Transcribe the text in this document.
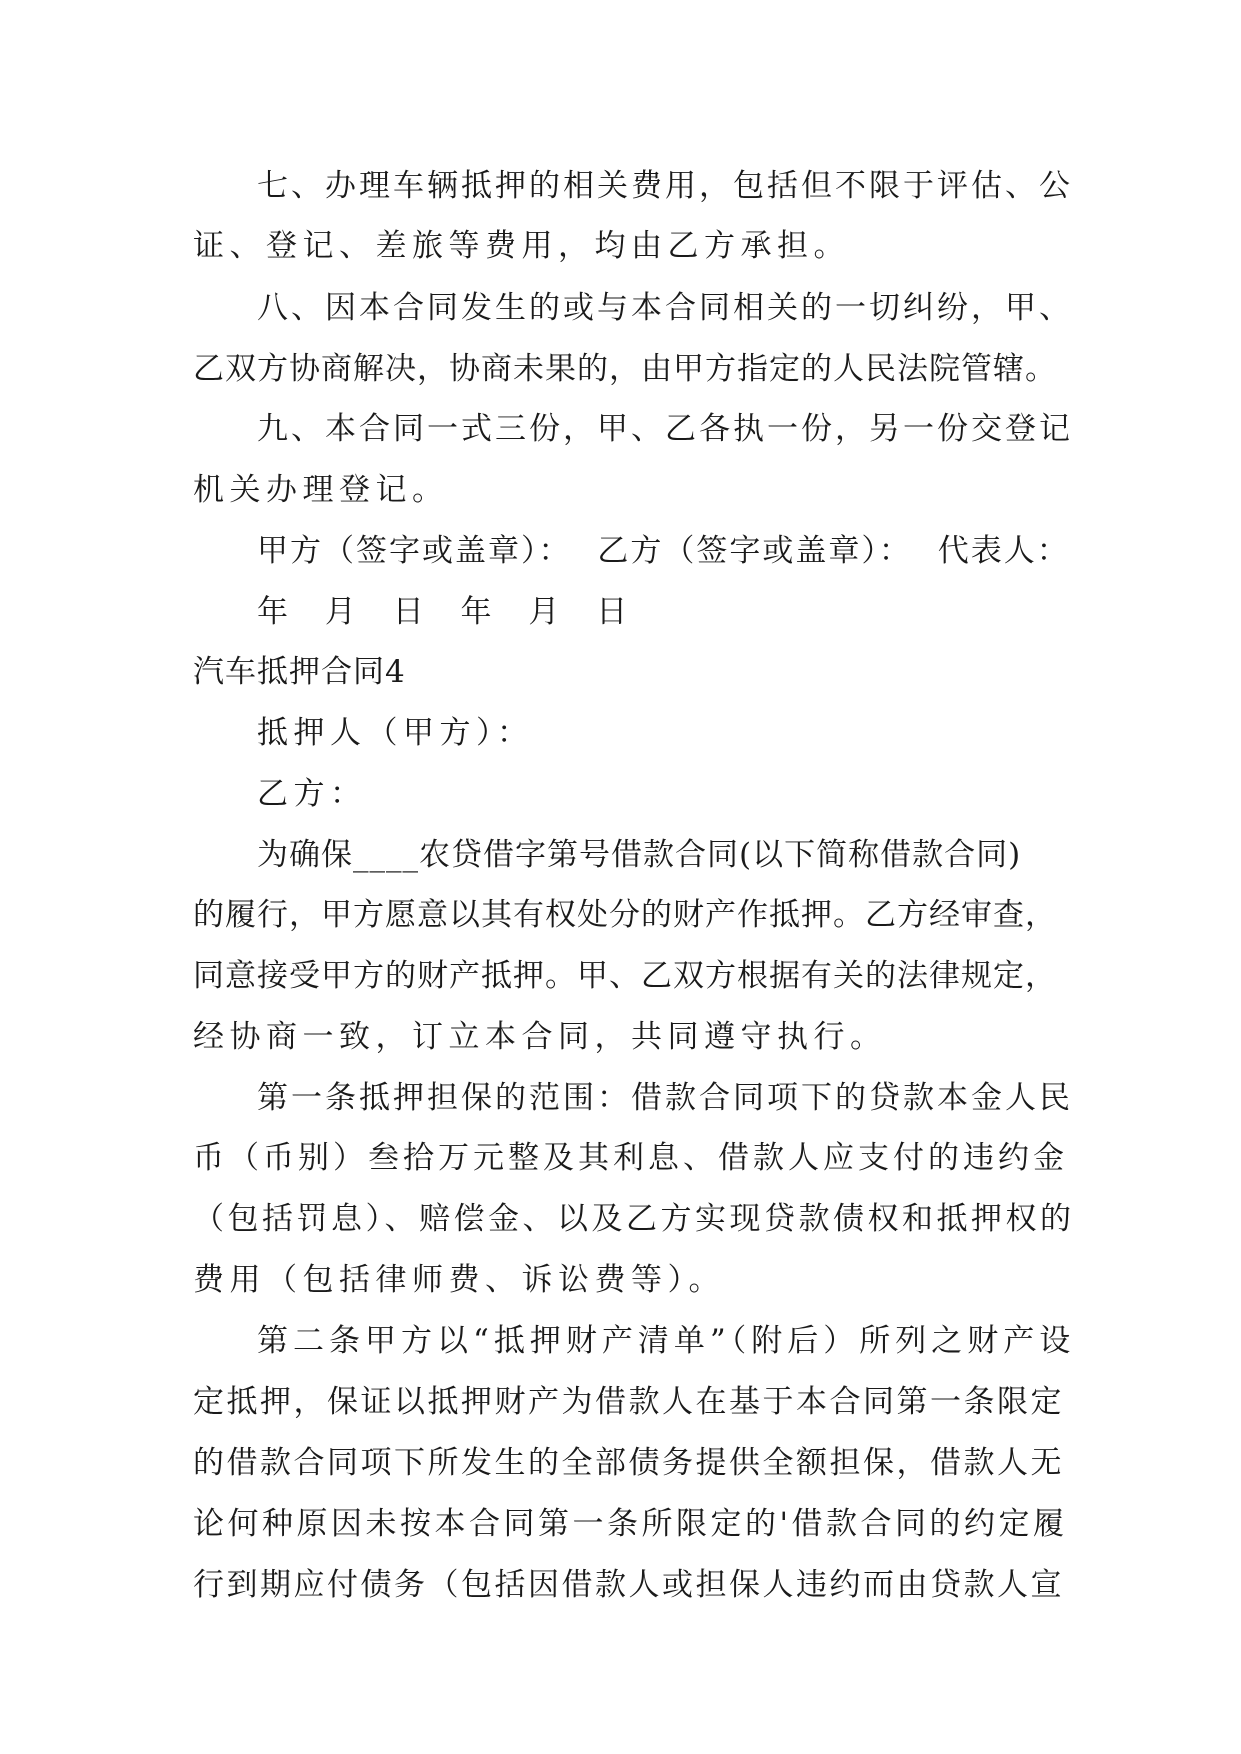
七、办理车辆抵押的相关费用，包括但不限于评估、公
证、登记、差旅等费用，均由乙方承担。
八、因本合同发生的或与本合同相关的一切纠纷，甲、
乙双方协商解决，协商未果的，由甲方指定的人民法院管辖。
九、本合同一式三份，甲、乙各执一份，另一份交登记
机关办理登记。
甲方（签字或盖章）： 乙方（签字或盖章）： 代表人：
年 月 日 年 月 日
汽车抵押合同4
抵押人（甲方）：
乙方：
为确保____农贷借字第号借款合同(以下简称借款合同)
的履行，甲方愿意以其有权处分的财产作抵押。乙方经审查，
同意接受甲方的财产抵押。甲、乙双方根据有关的法律规定，
经协商一致，订立本合同，共同遵守执行。
第一条抵押担保的范围：借款合同项下的贷款本金人民
币（币别）叁拾万元整及其利息、借款人应支付的违约金
（包括罚息）、赔偿金、以及乙方实现贷款债权和抵押权的
费用（包括律师费、诉讼费等）。
第二条甲方以“抵押财产清单”（附后）所列之财产设
定抵押，保证以抵押财产为借款人在基于本合同第一条限定
的借款合同项下所发生的全部债务提供全额担保，借款人无
论何种原因未按本合同第一条所限定的'借款合同的约定履
行到期应付债务（包括因借款人或担保人违约而由贷款人宣
